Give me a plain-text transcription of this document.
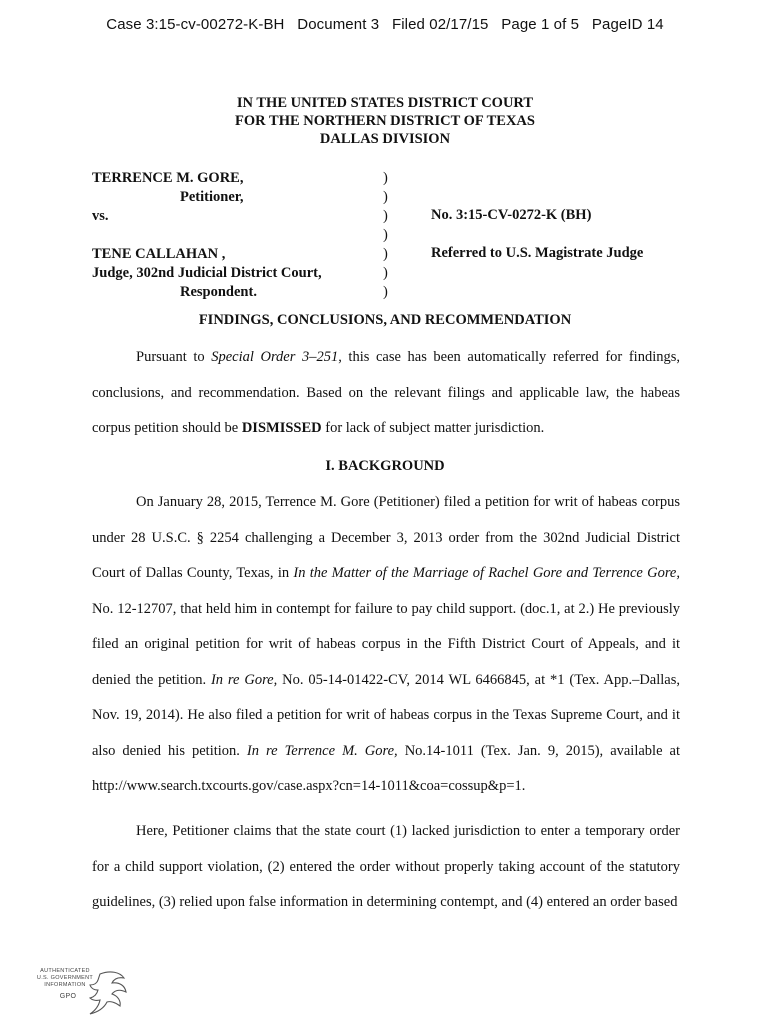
Case 3:15-cv-00272-K-BH Document 3 Filed 02/17/15 Page 1 of 5 PageID 14
IN THE UNITED STATES DISTRICT COURT
FOR THE NORTHERN DISTRICT OF TEXAS
DALLAS DIVISION
TERRENCE M. GORE,
Petitioner,
vs.

TENE CALLAHAN ,
Judge, 302nd Judicial District Court,
Respondent.
)
)
)
)
)
)
)
No. 3:15-CV-0272-K (BH)
Referred to U.S. Magistrate Judge
FINDINGS, CONCLUSIONS, AND RECOMMENDATION
Pursuant to Special Order 3–251, this case has been automatically referred for findings, conclusions, and recommendation. Based on the relevant filings and applicable law, the habeas corpus petition should be DISMISSED for lack of subject matter jurisdiction.
I. BACKGROUND
On January 28, 2015, Terrence M. Gore (Petitioner) filed a petition for writ of habeas corpus under 28 U.S.C. § 2254 challenging a December 3, 2013 order from the 302nd Judicial District Court of Dallas County, Texas, in In the Matter of the Marriage of Rachel Gore and Terrence Gore, No. 12-12707, that held him in contempt for failure to pay child support. (doc.1, at 2.) He previously filed an original petition for writ of habeas corpus in the Fifth District Court of Appeals, and it denied the petition. In re Gore, No. 05-14-01422-CV, 2014 WL 6466845, at *1 (Tex. App.–Dallas, Nov. 19, 2014). He also filed a petition for writ of habeas corpus in the Texas Supreme Court, and it also denied his petition. In re Terrence M. Gore, No.14-1011 (Tex. Jan. 9, 2015), available at http://www.search.txcourts.gov/case.aspx?cn=14-1011&coa=cossup&p=1.
Here, Petitioner claims that the state court (1) lacked jurisdiction to enter a temporary order for a child support violation, (2) entered the order without properly taking account of the statutory guidelines, (3) relied upon false information in determining contempt, and (4) entered an order based
AUTHENTICATED
U.S. GOVERNMENT
INFORMATION
GPO
